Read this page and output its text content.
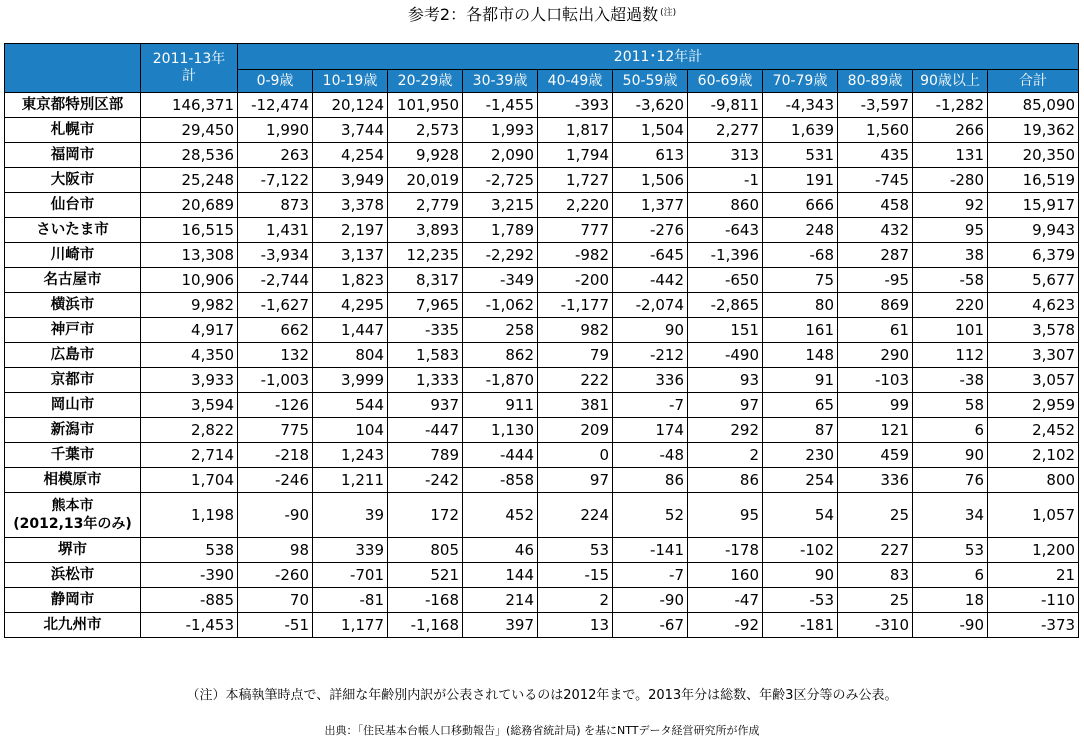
参考2：各都市の人口転出入超過数 $^{(注)}$
	2011-13年
計	2011･12年計										
		0-9歳	10-19歳	20-29歳	30-39歳	40-49歳	50-59歳	60-69歳	70-79歳	80-89歳	90歳以上	合計
東京都特別区部	146,371	-12,474	20,124	101,950	-1,455	-393	-3,620	-9,811	-4,343	-3,597	-1,282	85,090
札幌市	29,450	1,990	3,744	2,573	1,993	1,817	1,504	2,277	1,639	1,560	266	19,362
福岡市	28,536	263	4,254	9,928	2,090	1,794	613	313	531	435	131	20,350
大阪市	25,248	-7,122	3,949	20,019	-2,725	1,727	1,506	-1	191	-745	-280	16,519
仙台市	20,689	873	3,378	2,779	3,215	2,220	1,377	860	666	458	92	15,917
さいたま市	16,515	1,431	2,197	3,893	1,789	777	-276	-643	248	432	95	9,943
川崎市	13,308	-3,934	3,137	12,235	-2,292	-982	-645	-1,396	-68	287	38	6,379
名古屋市	10,906	-2,744	1,823	8,317	-349	-200	-442	-650	75	-95	-58	5,677
横浜市	9,982	-1,627	4,295	7,965	-1,062	-1,177	-2,074	-2,865	80	869	220	4,623
神戸市	4,917	662	1,447	-335	258	982	90	151	161	61	101	3,578
広島市	4,350	132	804	1,583	862	79	-212	-490	148	290	112	3,307
京都市	3,933	-1,003	3,999	1,333	-1,870	222	336	93	91	-103	-38	3,057
岡山市	3,594	-126	544	937	911	381	-7	97	65	99	58	2,959
新潟市	2,822	775	104	-447	1,130	209	174	292	87	121	6	2,452
千葉市	2,714	-218	1,243	789	-444	0	-48	2	230	459	90	2,102
相模原市	1,704	-246	1,211	-242	-858	97	86	86	254	336	76	800

熊本市
(2012,13年のみ)	1,198	-90	39	172	452	224	52	95	54	25	34	1,057
堺市	538	98	339	805	46	53	-141	-178	-102	227	53	1,200
浜松市	-390	-260	-701	521	144	-15	-7	160	90	83	6	21
静岡市	-885	70	-81	-168	214	2	-90	-47	-53	25	18	-110
北九州市	-1,453	-51	1,177	-1,168	397	13	-67	-92	-181	-310	-90	-373
（注）本稿執筆時点で、詳細な年齢別内訳が公表されているのは2012年まで。2013年分は総数、年齢3区分等のみ公表。
出典：「住民基本台帳人口移動報告」(総務省統計局) を基にNTTデータ経営研究所が作成
